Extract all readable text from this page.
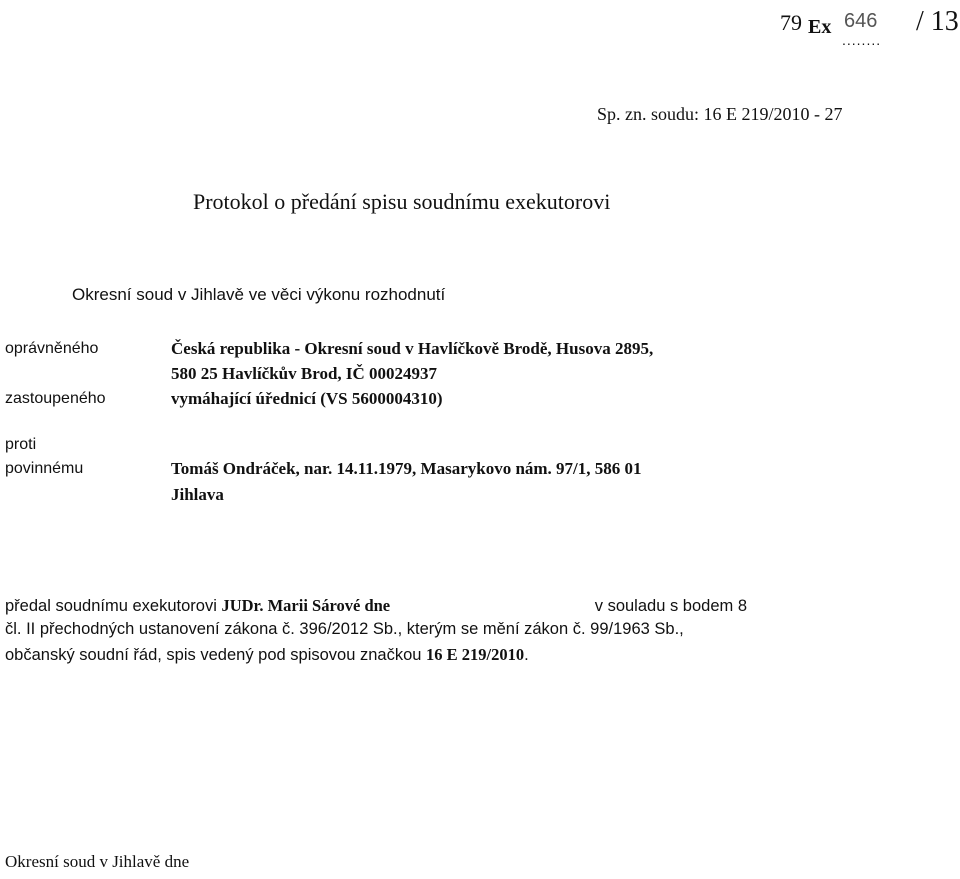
79 Ex 646
........
/ 13
Sp. zn. soudu: 16 E 219/2010 - 27
Protokol o předání spisu soudnímu exekutorovi
Okresní soud v Jihlavě ve věci výkonu rozhodnutí
oprávněného	Česká republika - Okresní soud v Havlíčkově Brodě, Husova 2895,
580 25 Havlíčkův Brod, IČ 00024937
zastoupeného	vymáhající úřednicí (VS 5600004310)
proti
povinnému	Tomáš Ondráček, nar. 14.11.1979, Masarykovo nám. 97/1, 586 01
Jihlava
předal soudnímu exekutorovi JUDr. Marii Sárové dne	v souladu s bodem 8
čl. II přechodných ustanovení zákona č. 396/2012 Sb., kterým se mění zákon č. 99/1963 Sb.,
občanský soudní řád, spis vedený pod spisovou značkou 16 E 219/2010.
Okresní soud v Jihlavě dne
